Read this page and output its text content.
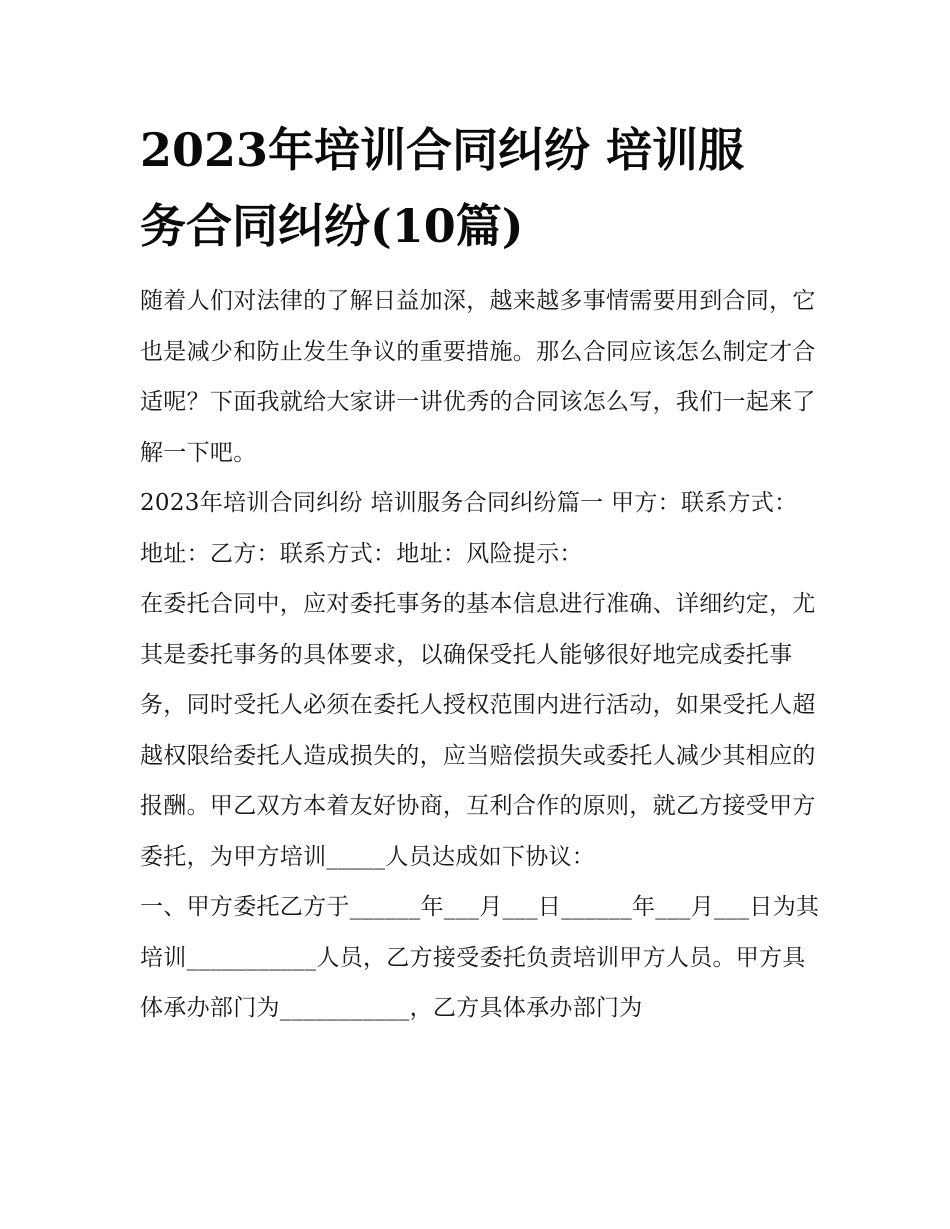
2023年培训合同纠纷 培训服
务合同纠纷(10篇)

随着人们对法律的了解日益加深，越来越多事情需要用到合同，它也是减少和防止发生争议的重要措施。那么合同应该怎么制定才合适呢？下面我就给大家讲一讲优秀的合同该怎么写，我们一起来了解一下吧。

2023年培训合同纠纷 培训服务合同纠纷篇一 甲方：联系方式：地址：乙方：联系方式：地址：风险提示：

在委托合同中，应对委托事务的基本信息进行准确、详细约定，尤其是委托事务的具体要求，以确保受托人能够很好地完成委托事务，同时受托人必须在委托人授权范围内进行活动，如果受托人超越权限给委托人造成损失的，应当赔偿损失或委托人减少其相应的报酬。甲乙双方本着友好协商，互利合作的原则，就乙方接受甲方委托，为甲方培训_____人员达成如下协议：

一、甲方委托乙方于______年___月___日______年___月___日为其培训___________人员，乙方接受委托负责培训甲方人员。甲方具体承办部门为___________，乙方具体承办部门为
